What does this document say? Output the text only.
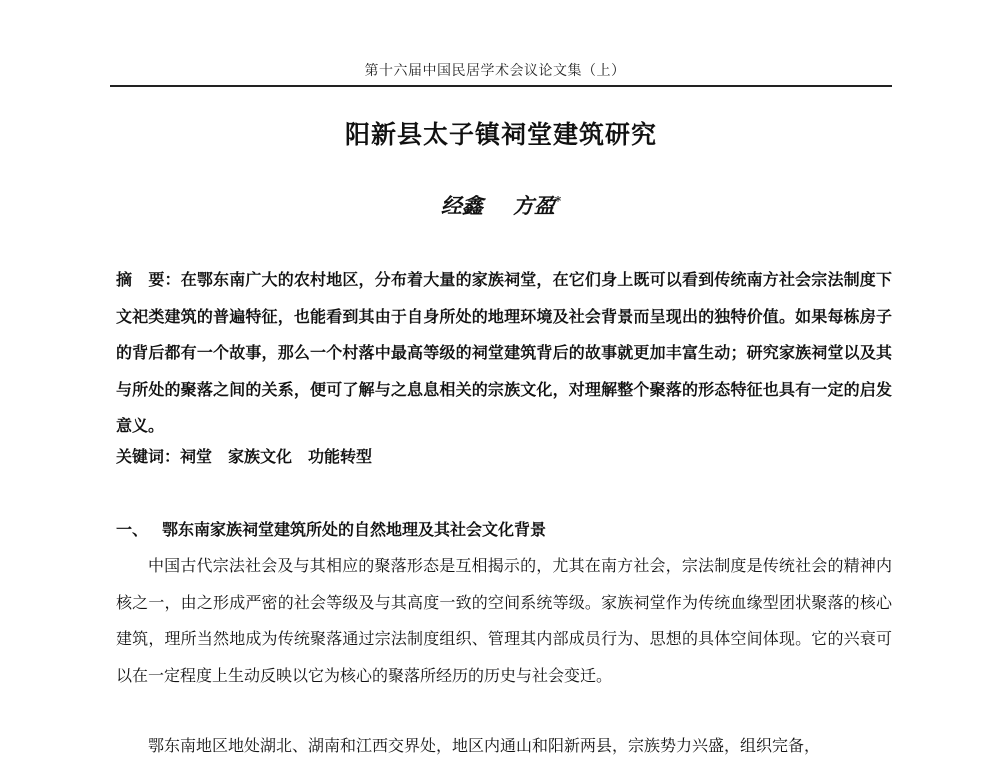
第十六届中国民居学术会议论文集（上）
阳新县太子镇祠堂建筑研究
经鑫 方盈*
摘　要：在鄂东南广大的农村地区，分布着大量的家族祠堂，在它们身上既可以看到传统南方社会宗法制度下文祀类建筑的普遍特征，也能看到其由于自身所处的地理环境及社会背景而呈现出的独特价值。如果每栋房子的背后都有一个故事，那么一个村落中最高等级的祠堂建筑背后的故事就更加丰富生动；研究家族祠堂以及其与所处的聚落之间的关系，便可了解与之息息相关的宗族文化，对理解整个聚落的形态特征也具有一定的启发意义。
关键词：祠堂 家族文化 功能转型
一、 鄂东南家族祠堂建筑所处的自然地理及其社会文化背景
中国古代宗法社会及与其相应的聚落形态是互相揭示的，尤其在南方社会，宗法制度是传统社会的精神内核之一，由之形成严密的社会等级及与其高度一致的空间系统等级。家族祠堂作为传统血缘型团状聚落的核心建筑，理所当然地成为传统聚落通过宗法制度组织、管理其内部成员行为、思想的具体空间体现。它的兴衰可以在一定程度上生动反映以它为核心的聚落所经历的历史与社会变迁。
鄂东南地区地处湖北、湖南和江西交界处，地区内通山和阳新两县，宗族势力兴盛，组织完备，
